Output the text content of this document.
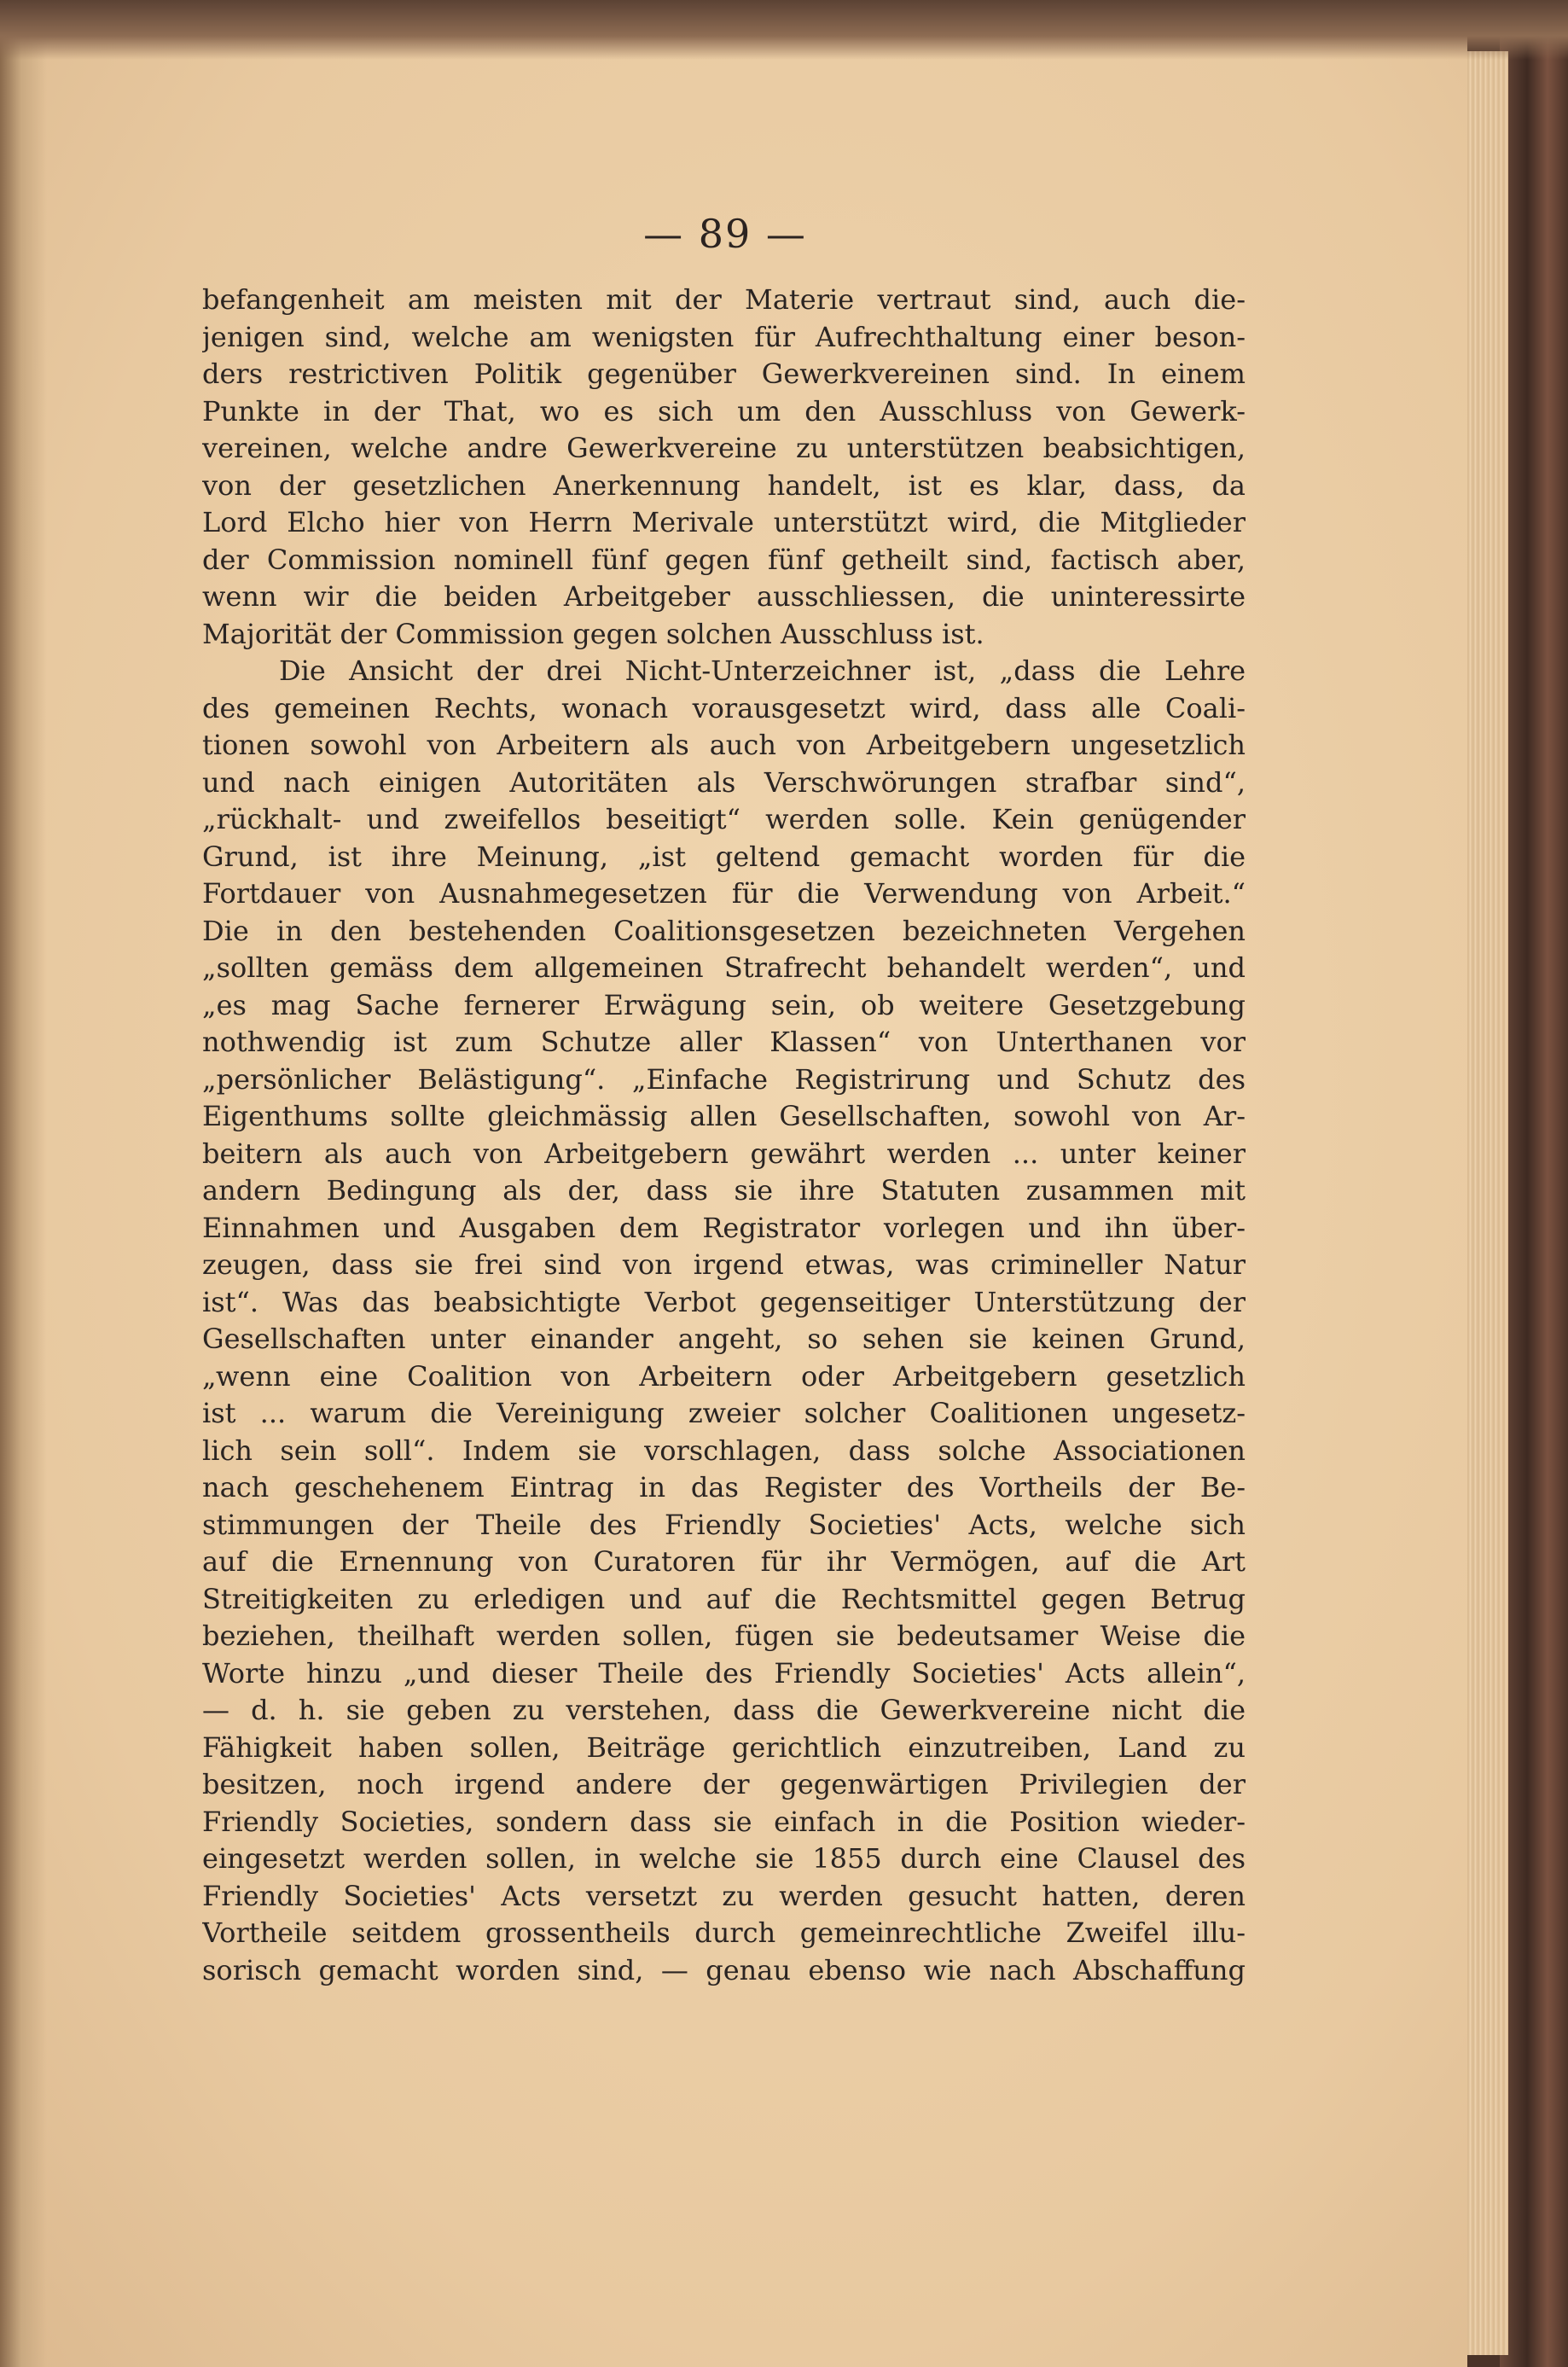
— 89 —
befangenheit am meisten mit der Materie vertraut sind, auch die-
jenigen sind, welche am wenigsten für Aufrechthaltung einer beson-
ders restrictiven Politik gegenüber Gewerkvereinen sind. In einem
Punkte in der That, wo es sich um den Ausschluss von Gewerk-
vereinen, welche andre Gewerkvereine zu unterstützen beabsichtigen,
von der gesetzlichen Anerkennung handelt, ist es klar, dass, da
Lord Elcho hier von Herrn Merivale unterstützt wird, die Mitglieder
der Commission nominell fünf gegen fünf getheilt sind, factisch aber,
wenn wir die beiden Arbeitgeber ausschliessen, die uninteressirte
Majorität der Commission gegen solchen Ausschluss ist.
Die Ansicht der drei Nicht-Unterzeichner ist, „dass die Lehre
des gemeinen Rechts, wonach vorausgesetzt wird, dass alle Coali-
tionen sowohl von Arbeitern als auch von Arbeitgebern ungesetzlich
und nach einigen Autoritäten als Verschwörungen strafbar sind“,
„rückhalt- und zweifellos beseitigt“ werden solle. Kein genügender
Grund, ist ihre Meinung, „ist geltend gemacht worden für die
Fortdauer von Ausnahmegesetzen für die Verwendung von Arbeit.“
Die in den bestehenden Coalitionsgesetzen bezeichneten Vergehen
„sollten gemäss dem allgemeinen Strafrecht behandelt werden“, und
„es mag Sache fernerer Erwägung sein, ob weitere Gesetzgebung
nothwendig ist zum Schutze aller Klassen“ von Unterthanen vor
„persönlicher Belästigung“. „Einfache Registrirung und Schutz des
Eigenthums sollte gleichmässig allen Gesellschaften, sowohl von Ar-
beitern als auch von Arbeitgebern gewährt werden ... unter keiner
andern Bedingung als der, dass sie ihre Statuten zusammen mit
Einnahmen und Ausgaben dem Registrator vorlegen und ihn über-
zeugen, dass sie frei sind von irgend etwas, was crimineller Natur
ist“. Was das beabsichtigte Verbot gegenseitiger Unterstützung der
Gesellschaften unter einander angeht, so sehen sie keinen Grund,
„wenn eine Coalition von Arbeitern oder Arbeitgebern gesetzlich
ist ... warum die Vereinigung zweier solcher Coalitionen ungesetz-
lich sein soll“. Indem sie vorschlagen, dass solche Associationen
nach geschehenem Eintrag in das Register des Vortheils der Be-
stimmungen der Theile des Friendly Societies' Acts, welche sich
auf die Ernennung von Curatoren für ihr Vermögen, auf die Art
Streitigkeiten zu erledigen und auf die Rechtsmittel gegen Betrug
beziehen, theilhaft werden sollen, fügen sie bedeutsamer Weise die
Worte hinzu „und dieser Theile des Friendly Societies' Acts allein“,
— d. h. sie geben zu verstehen, dass die Gewerkvereine nicht die
Fähigkeit haben sollen, Beiträge gerichtlich einzutreiben, Land zu
besitzen, noch irgend andere der gegenwärtigen Privilegien der
Friendly Societies, sondern dass sie einfach in die Position wieder-
eingesetzt werden sollen, in welche sie 1855 durch eine Clausel des
Friendly Societies' Acts versetzt zu werden gesucht hatten, deren
Vortheile seitdem grossentheils durch gemeinrechtliche Zweifel illu-
sorisch gemacht worden sind, — genau ebenso wie nach Abschaffung
